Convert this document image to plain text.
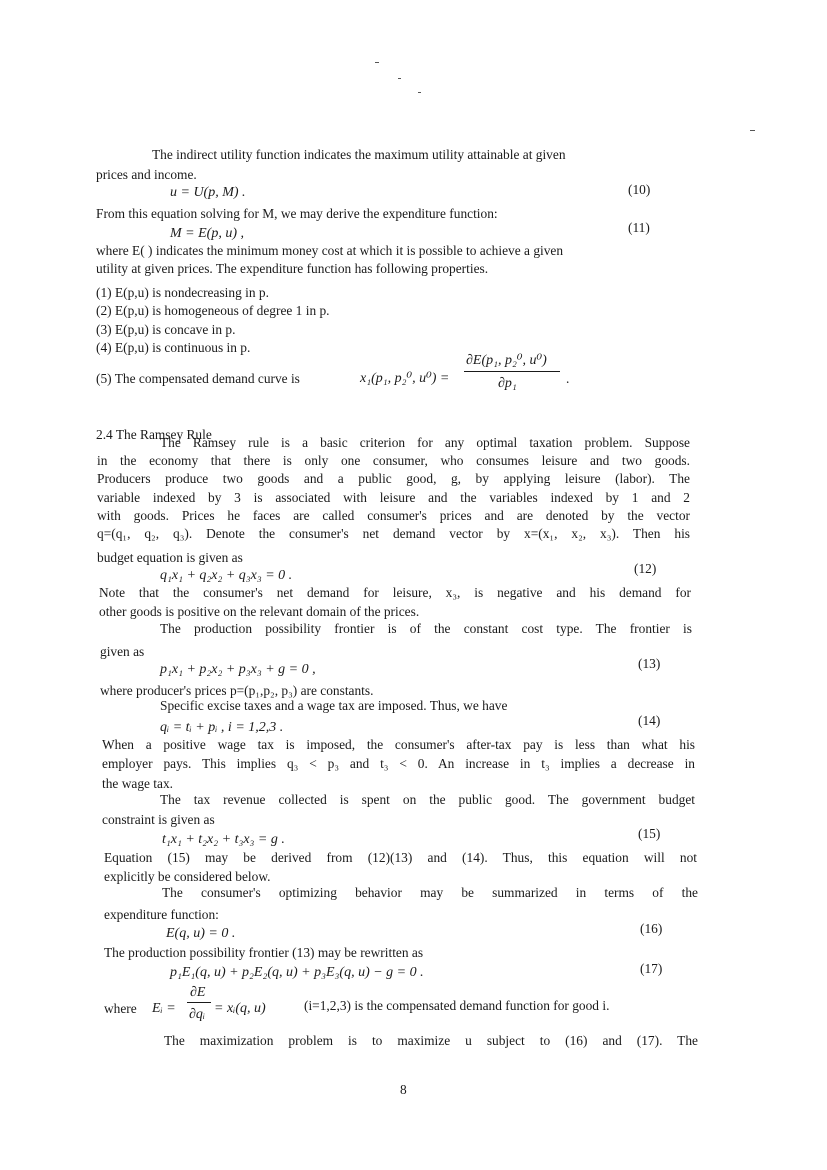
The indirect utility function indicates the maximum utility attainable at given
prices and income.
u = U(p, M) .	(10)
From this equation solving for M, we may derive the expenditure function:
M = E(p, u) ,	(11)
where E( ) indicates the minimum money cost at which it is possible to achieve a given
utility at given prices. The expenditure function has following properties.
(1) E(p,u) is nondecreasing in p.
(2) E(p,u) is homogeneous of degree 1 in p.
(3) E(p,u) is concave in p.
(4) E(p,u) is continuous in p.
(5) The compensated demand curve is	x₁(p₁, p₂⁰, u⁰) =
∂E(p₁, p₂⁰, u⁰)
∂p₁	.
2.4 The Ramsey Rule
The Ramsey rule is a basic criterion for any optimal taxation problem. Suppose
in the economy that there is only one consumer, who consumes leisure and two goods.
Producers produce two goods and a public good, g, by applying leisure (labor). The
variable indexed by 3 is associated with leisure and the variables indexed by 1 and 2
with goods. Prices he faces are called consumer's prices and are denoted by the vector
q=(q₁, q₂, q₃). Denote the consumer's net demand vector by x=(x₁, x₂, x₃). Then his
budget equation is given as
q₁x₁ + q₂x₂ + q₃x₃ = 0 .	(12)
Note that the consumer's net demand for leisure, x₃, is negative and his demand for
other goods is positive on the relevant domain of the prices.
The production possibility frontier is of the constant cost type. The frontier is
given as
p₁x₁ + p₂x₂ + p₃x₃ + g = 0 ,	(13)
where producer's prices p=(p₁,p₂, p₃) are constants.
Specific excise taxes and a wage tax are imposed. Thus, we have
qᵢ = tᵢ + pᵢ , i = 1,2,3 .	(14)
When a positive wage tax is imposed, the consumer's after-tax pay is less than what his
employer pays. This implies q₃ < p₃ and t₃ < 0. An increase in t₃ implies a decrease in
the wage tax.
The tax revenue collected is spent on the public good. The government budget
constraint is given as
t₁x₁ + t₂x₂ + t₃x₃ = g .	(15)
Equation (15) may be derived from (12)(13) and (14). Thus, this equation will not
explicitly be considered below.
The consumer's optimizing behavior may be summarized in terms of the
expenditure function:
E(q, u) = 0 .	(16)
The production possibility frontier (13) may be rewritten as
p₁E₁(q, u) + p₂E₂(q, u) + p₃E₃(q, u) − g = 0 .	(17)
where Eᵢ =
∂E
∂qᵢ = xᵢ(q, u)	(i=1,2,3) is the compensated demand function for good i.
The maximization problem is to maximize u subject to (16) and (17). The
8
